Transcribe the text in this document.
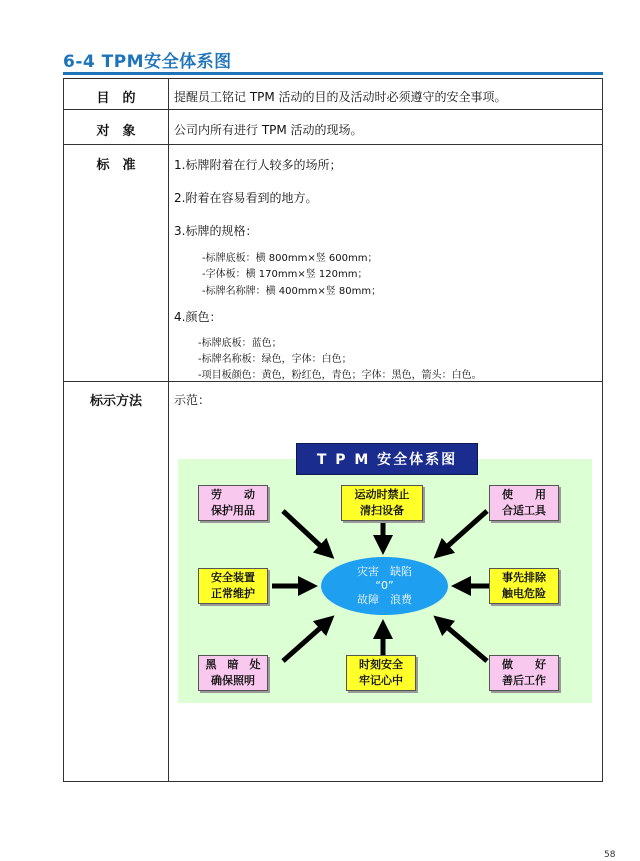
6-4 TPM安全体系图
目　的	提醒员工铭记 TPM 活动的目的及活动时必须遵守的安全事项。
对　象	公司内所有进行 TPM 活动的现场。
标　准	1.标牌附着在行人较多的场所；
2.附着在容易看到的地方。
3.标牌的规格：
-标牌底板：横 800mm×竖 600mm；
-字体板：横 170mm×竖 120mm；
-标牌名称牌：横 400mm×竖 80mm；
4.颜色：
-标牌底板：蓝色；
-标牌名称板：绿色，字体：白色；
-项目板颜色：黄色，粉红色，青色；字体：黑色，箭头：白色。
标示方法	示范：
T P M 安全体系图
灾害　缺陷
“0”
故障　浪费
劳　　动
保护用品
运动时禁止
清扫设备
使　　用
合适工具
安全装置
正常维护
事先排除
触电危险
黑　暗　处
确保照明
时刻安全
牢记心中
做　　好
善后工作
58
